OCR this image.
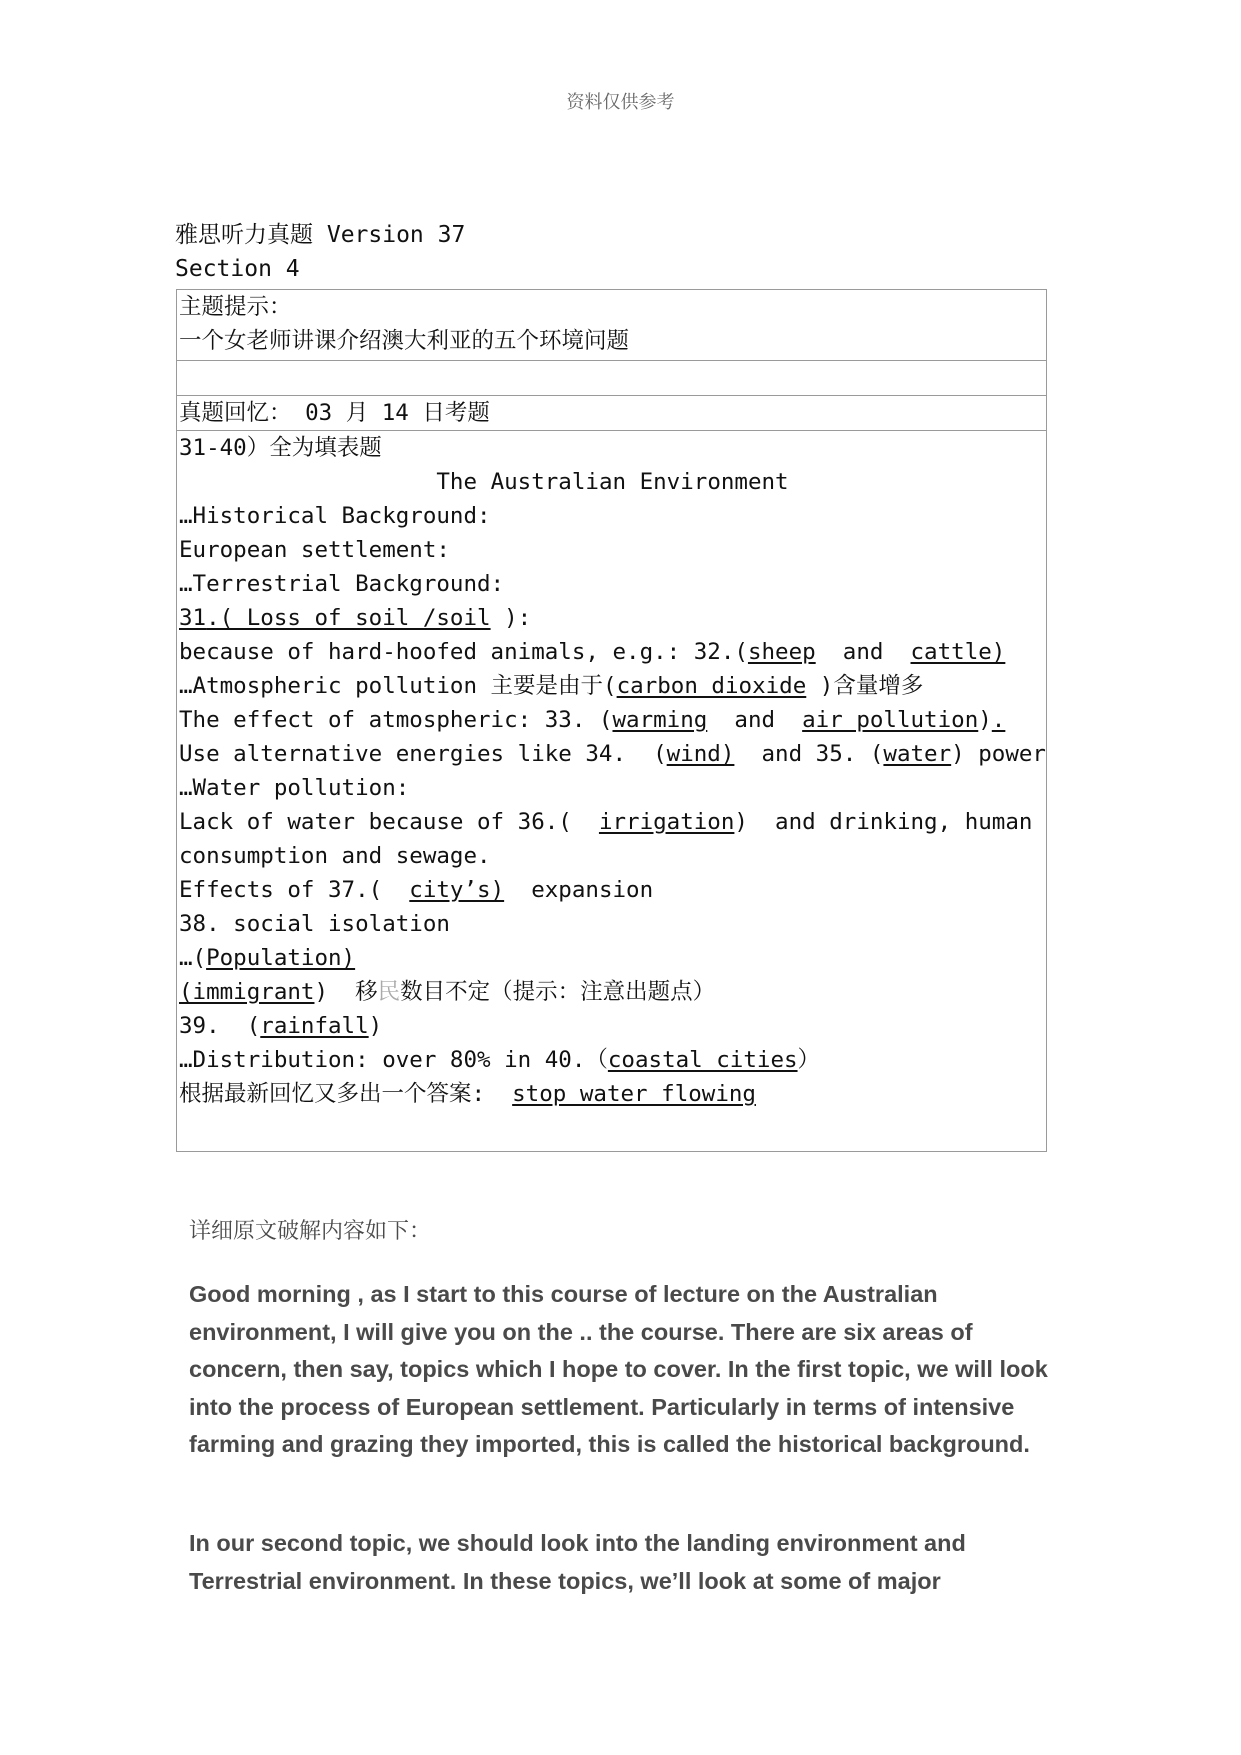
资料仅供参考
雅思听力真题 Version 37
Section 4
主题提示：
一个女老师讲课介绍澳大利亚的五个环境问题

真题回忆： 03 月 14 日考题

31-40）全为填表题
The Australian Environment
…Historical Background:
European settlement:
…Terrestrial Background:
31.( Loss of soil /soil ):
because of hard-hoofed animals, e.g.: 32.(sheep  and  cattle)
…Atmospheric pollution 主要是由于(carbon dioxide )含量增多
The effect of atmospheric: 33. (warming  and  air pollution).
Use alternative energies like 34.  (wind)  and 35. (water) power
…Water pollution:
Lack of water because of 36.(  irrigation)  and drinking, human
consumption and sewage.
Effects of 37.(  city’s)  expansion
38. social isolation
…(Population)
(immigrant)  移民数目不定（提示：注意出题点）
39.  (rainfall)
…Distribution: over 80% in 40.（coastal cities）
根据最新回忆又多出一个答案:  stop water flowing
详细原文破解内容如下：

Good morning , as I start to this course of lecture on the Australian environment, I will give you on the .. the course. There are six areas of concern, then say, topics which I hope to cover. In the first topic, we will look into the process of European settlement. Particularly in terms of intensive farming and grazing they imported, this is called the historical background.

In our second topic, we should look into the landing environment and Terrestrial environment. In these topics, we’ll look at some of major
